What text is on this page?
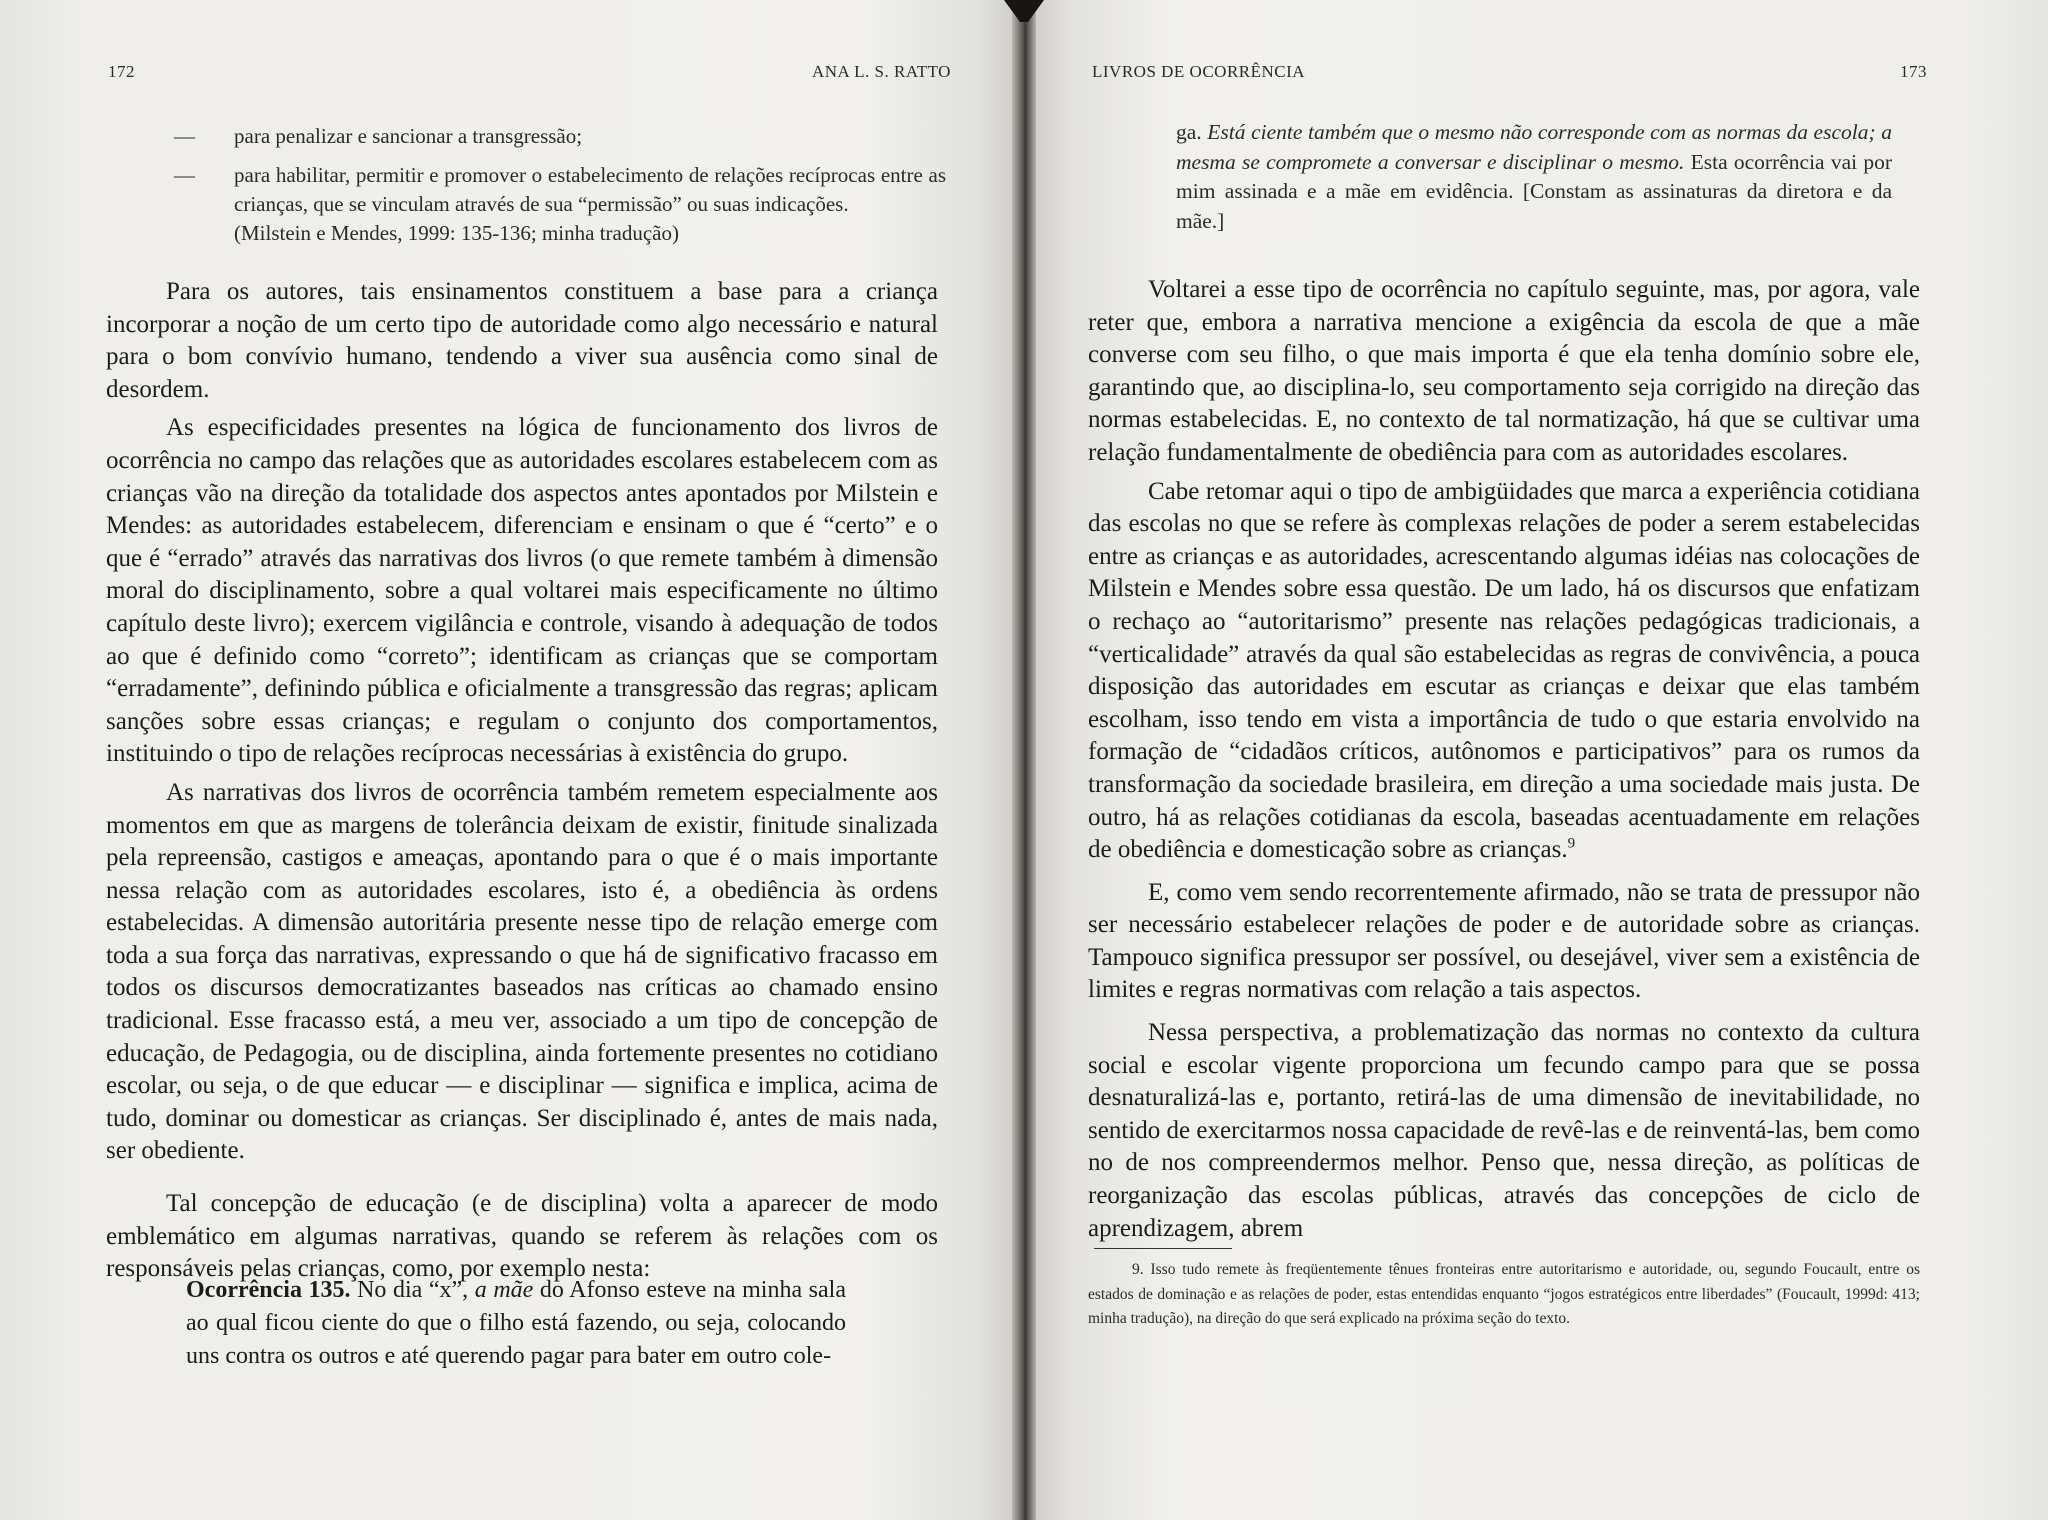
172	ANA L. S. RATTO
— para penalizar e sancionar a transgressão;
— para habilitar, permitir e promover o estabelecimento de relações recíprocas entre as crianças, que se vinculam através de sua “permissão” ou suas indicações.
(Milstein e Mendes, 1999: 135-136; minha tradução)

Para os autores, tais ensinamentos constituem a base para a criança incorporar a noção de um certo tipo de autoridade como algo necessário e natural para o bom convívio humano, tendendo a viver sua ausência como sinal de desordem.

As especificidades presentes na lógica de funcionamento dos livros de ocorrência no campo das relações que as autoridades escolares estabelecem com as crianças vão na direção da totalidade dos aspectos antes apontados por Milstein e Mendes: as autoridades estabelecem, diferenciam e ensinam o que é “certo” e o que é “errado” através das narrativas dos livros (o que remete também à dimensão moral do disciplinamento, sobre a qual voltarei mais especificamente no último capítulo deste livro); exercem vigilância e controle, visando à adequação de todos ao que é definido como “correto”; identificam as crianças que se comportam “erradamente”, definindo pública e oficialmente a transgressão das regras; aplicam sanções sobre essas crianças; e regulam o conjunto dos comportamentos, instituindo o tipo de relações recíprocas necessárias à existência do grupo.

As narrativas dos livros de ocorrência também remetem especialmente aos momentos em que as margens de tolerância deixam de existir, finitude sinalizada pela repreensão, castigos e ameaças, apontando para o que é o mais importante nessa relação com as autoridades escolares, isto é, a obediência às ordens estabelecidas. A dimensão autoritária presente nesse tipo de relação emerge com toda a sua força das narrativas, expressando o que há de significativo fracasso em todos os discursos democratizantes baseados nas críticas ao chamado ensino tradicional. Esse fracasso está, a meu ver, associado a um tipo de concepção de educação, de Pedagogia, ou de disciplina, ainda fortemente presentes no cotidiano escolar, ou seja, o de que educar — e disciplinar — significa e implica, acima de tudo, dominar ou domesticar as crianças. Ser disciplinado é, antes de mais nada, ser obediente.

Tal concepção de educação (e de disciplina) volta a aparecer de modo emblemático em algumas narrativas, quando se referem às relações com os responsáveis pelas crianças, como, por exemplo nesta:

Ocorrência 135. No dia “x”, a mãe do Afonso esteve na minha sala ao qual ficou ciente do que o filho está fazendo, ou seja, colocando uns contra os outros e até querendo pagar para bater em outro cole-
LIVROS DE OCORRÊNCIA	173
ga. Está ciente também que o mesmo não corresponde com as normas da escola; a mesma se compromete a conversar e disciplinar o mesmo. Esta ocorrência vai por mim assinada e a mãe em evidência. [Constam as assinaturas da diretora e da mãe.]

Voltarei a esse tipo de ocorrência no capítulo seguinte, mas, por agora, vale reter que, embora a narrativa mencione a exigência da escola de que a mãe converse com seu filho, o que mais importa é que ela tenha domínio sobre ele, garantindo que, ao disciplina-lo, seu comportamento seja corrigido na direção das normas estabelecidas. E, no contexto de tal normatização, há que se cultivar uma relação fundamentalmente de obediência para com as autoridades escolares.

Cabe retomar aqui o tipo de ambigüidades que marca a experiência cotidiana das escolas no que se refere às complexas relações de poder a serem estabelecidas entre as crianças e as autoridades, acrescentando algumas idéias nas colocações de Milstein e Mendes sobre essa questão. De um lado, há os discursos que enfatizam o rechaço ao “autoritarismo” presente nas relações pedagógicas tradicionais, a “verticalidade” através da qual são estabelecidas as regras de convivência, a pouca disposição das autoridades em escutar as crianças e deixar que elas também escolham, isso tendo em vista a importância de tudo o que estaria envolvido na formação de “cidadãos críticos, autônomos e participativos” para os rumos da transformação da sociedade brasileira, em direção a uma sociedade mais justa. De outro, há as relações cotidianas da escola, baseadas acentuadamente em relações de obediência e domesticação sobre as crianças.$^9$

E, como vem sendo recorrentemente afirmado, não se trata de pressupor não ser necessário estabelecer relações de poder e de autoridade sobre as crianças. Tampouco significa pressupor ser possível, ou desejável, viver sem a existência de limites e regras normativas com relação a tais aspectos.

Nessa perspectiva, a problematização das normas no contexto da cultura social e escolar vigente proporciona um fecundo campo para que se possa desnaturalizá-las e, portanto, retirá-las de uma dimensão de inevitabilidade, no sentido de exercitarmos nossa capacidade de revê-las e de reinventá-las, bem como no de nos compreendermos melhor. Penso que, nessa direção, as políticas de reorganização das escolas públicas, através das concepções de ciclo de aprendizagem, abrem

9. Isso tudo remete às freqüentemente tênues fronteiras entre autoritarismo e autoridade, ou, segundo Foucault, entre os estados de dominação e as relações de poder, estas entendidas enquanto “jogos estratégicos entre liberdades” (Foucault, 1999d: 413; minha tradução), na direção do que será explicado na próxima seção do texto.
